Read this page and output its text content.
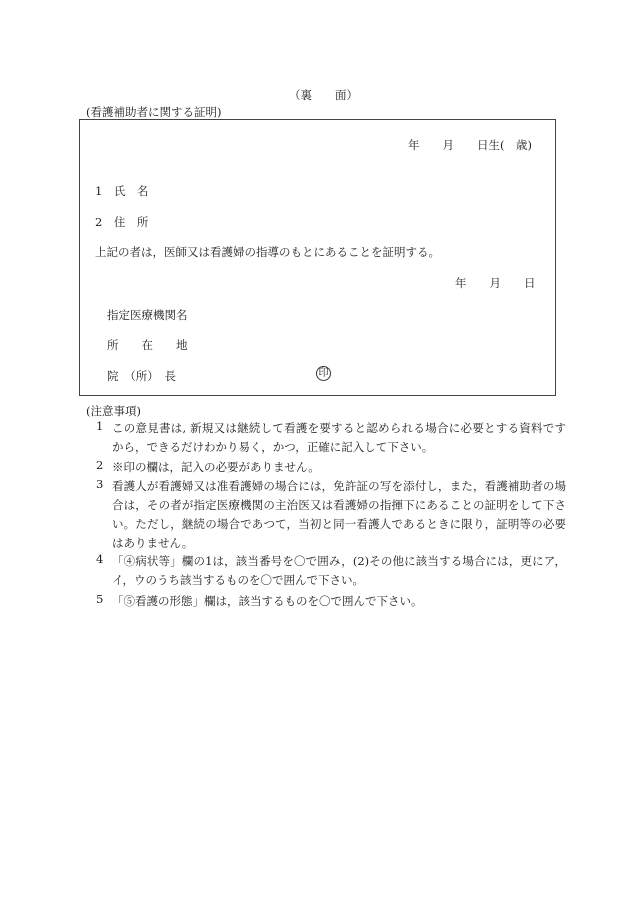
（裏　　面）
(看護補助者に関する証明)
年　　月　　日生(　歳)
1　氏　名
2　住　所
上記の者は，医師又は看護婦の指導のもとにあることを証明する。
年　　月　　日
指定医療機関名
所　　在　　地
院　（所）　長	印
(注意事項)
1 この意見書は, 新規又は継続して看護を要すると認められる場合に必要とする資料ですから，できるだけわかり易く，かつ，正確に記入して下さい。
2 ※印の欄は，記入の必要がありません。
3 看護人が看護婦又は准看護婦の場合には，免許証の写を添付し，また，看護補助者の場合は，その者が指定医療機関の主治医又は看護婦の指揮下にあることの証明をして下さい。ただし，継続の場合であつて，当初と同一看護人であるときに限り，証明等の必要はありません。
4 「④病状等」欄の1は，該当番号を〇で囲み，(2)その他に該当する場合には，更にア，イ，ウのうち該当するものを〇で囲んで下さい。
5 「⑤看護の形態」欄は，該当するものを〇で囲んで下さい。
